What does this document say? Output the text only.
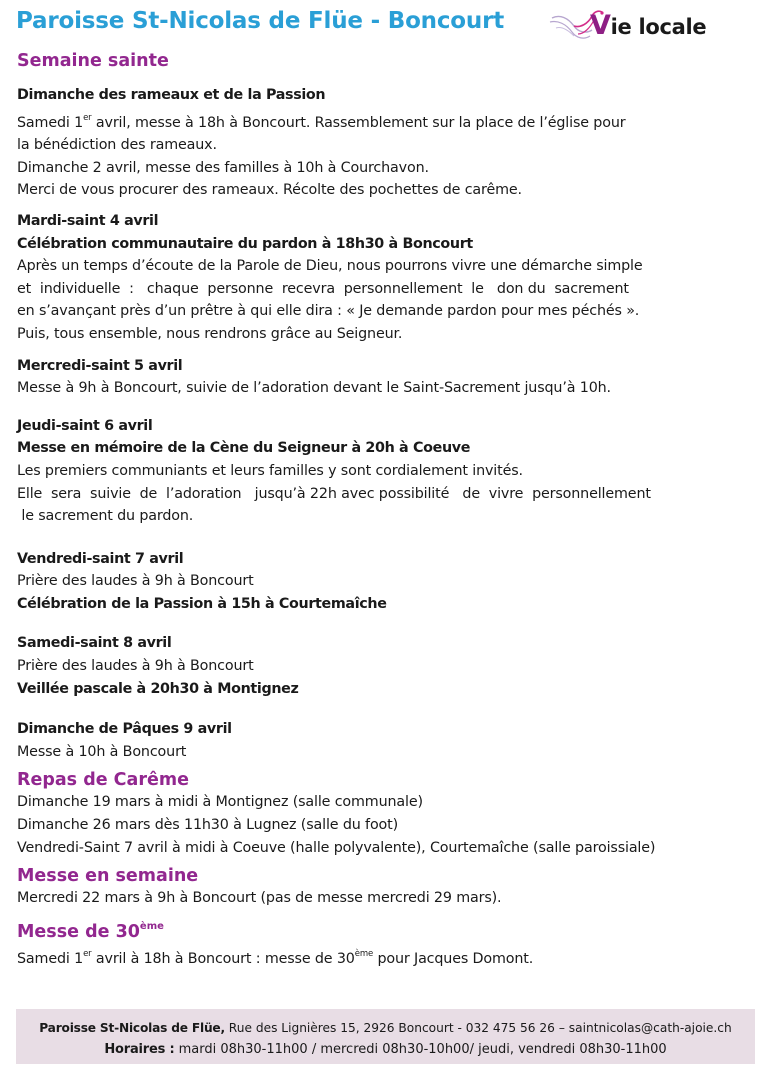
Paroisse St-Nicolas de Flüe - Boncourt	Vie locale
Semaine sainte
Dimanche des rameaux et de la Passion
Samedi 1er avril, messe à 18h à Boncourt. Rassemblement sur la place de l’église pour
la bénédiction des rameaux.
Dimanche 2 avril, messe des familles à 10h à Courchavon.
Merci de vous procurer des rameaux. Récolte des pochettes de carême.
Mardi-saint 4 avril
Célébration communautaire du pardon à 18h30 à Boncourt
Après un temps d’écoute de la Parole de Dieu, nous pourrons vivre une démarche simple
et  individuelle  :   chaque  personne  recevra  personnellement  le   don du  sacrement
en s’avançant près d’un prêtre à qui elle dira : « Je demande pardon pour mes péchés ».
Puis, tous ensemble, nous rendrons grâce au Seigneur.
Mercredi-saint 5 avril
Messe à 9h à Boncourt, suivie de l’adoration devant le Saint-Sacrement jusqu’à 10h.
Jeudi-saint 6 avril
Messe en mémoire de la Cène du Seigneur à 20h à Coeuve
Les premiers communiants et leurs familles y sont cordialement invités.
Elle  sera  suivie  de  l’adoration   jusqu’à 22h avec possibilité   de  vivre  personnellement
le sacrement du pardon.
Vendredi-saint 7 avril
Prière des laudes à 9h à Boncourt
Célébration de la Passion à 15h à Courtemaîche
Samedi-saint 8 avril
Prière des laudes à 9h à Boncourt
Veillée pascale à 20h30 à Montignez
Dimanche de Pâques 9 avril
Messe à 10h à Boncourt
Repas de Carême
Dimanche 19 mars à midi à Montignez (salle communale)
Dimanche 26 mars dès 11h30 à Lugnez (salle du foot)
Vendredi-Saint 7 avril à midi à Coeuve (halle polyvalente), Courtemaîche (salle paroissiale)
Messe en semaine
Mercredi 22 mars à 9h à Boncourt (pas de messe mercredi 29 mars).
Messe de 30ème
Samedi 1er avril à 18h à Boncourt : messe de 30ème pour Jacques Domont.
Paroisse St-Nicolas de Flüe, Rue des Lignières 15, 2926 Boncourt - 032 475 56 26 – saintnicolas@cath-ajoie.ch
Horaires : mardi 08h30-11h00 / mercredi 08h30-10h00/ jeudi, vendredi 08h30-11h00
